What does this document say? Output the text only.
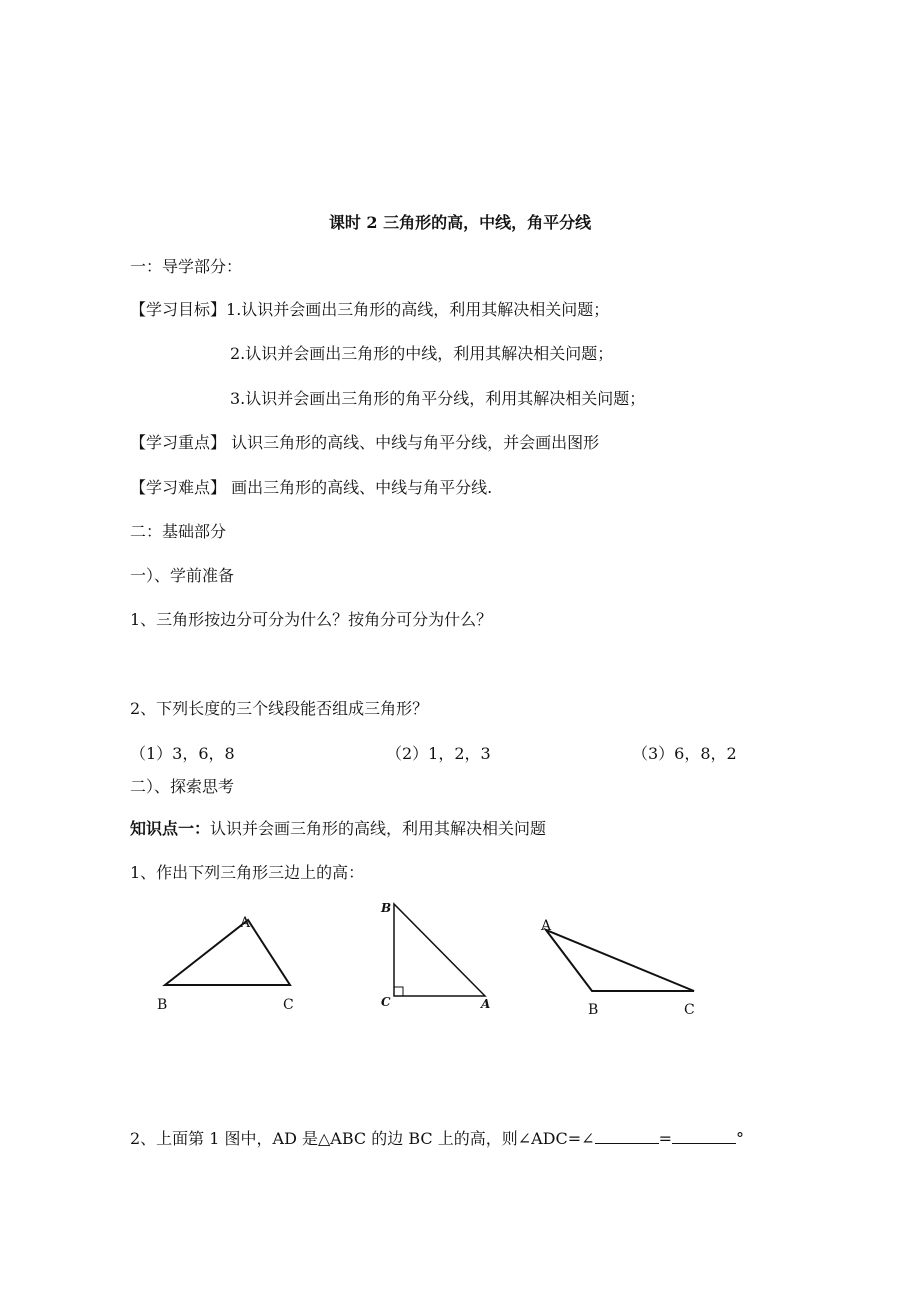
课时 2 三角形的高，中线，角平分线
一：导学部分：
【学习目标】1.认识并会画出三角形的高线，利用其解决相关问题；
2.认识并会画出三角形的中线，利用其解决相关问题；
3.认识并会画出三角形的角平分线，利用其解决相关问题；
【学习重点】 认识三角形的高线、中线与角平分线，并会画出图形
【学习难点】 画出三角形的高线、中线与角平分线.
二：基础部分
一）、学前准备
1、三角形按边分可分为什么？按角分可分为什么？
2、下列长度的三个线段能否组成三角形？
（1）3，6，8	（2）1，2，3	（3）6，8，2
二）、探索思考
知识点一：认识并会画三角形的高线，利用其解决相关问题
1、作出下列三角形三边上的高：
A
B	C
B
C	A
A
B	C
2、上面第 1 图中，AD 是△ABC 的边 BC 上的高，则∠ADC=∠	=	°
